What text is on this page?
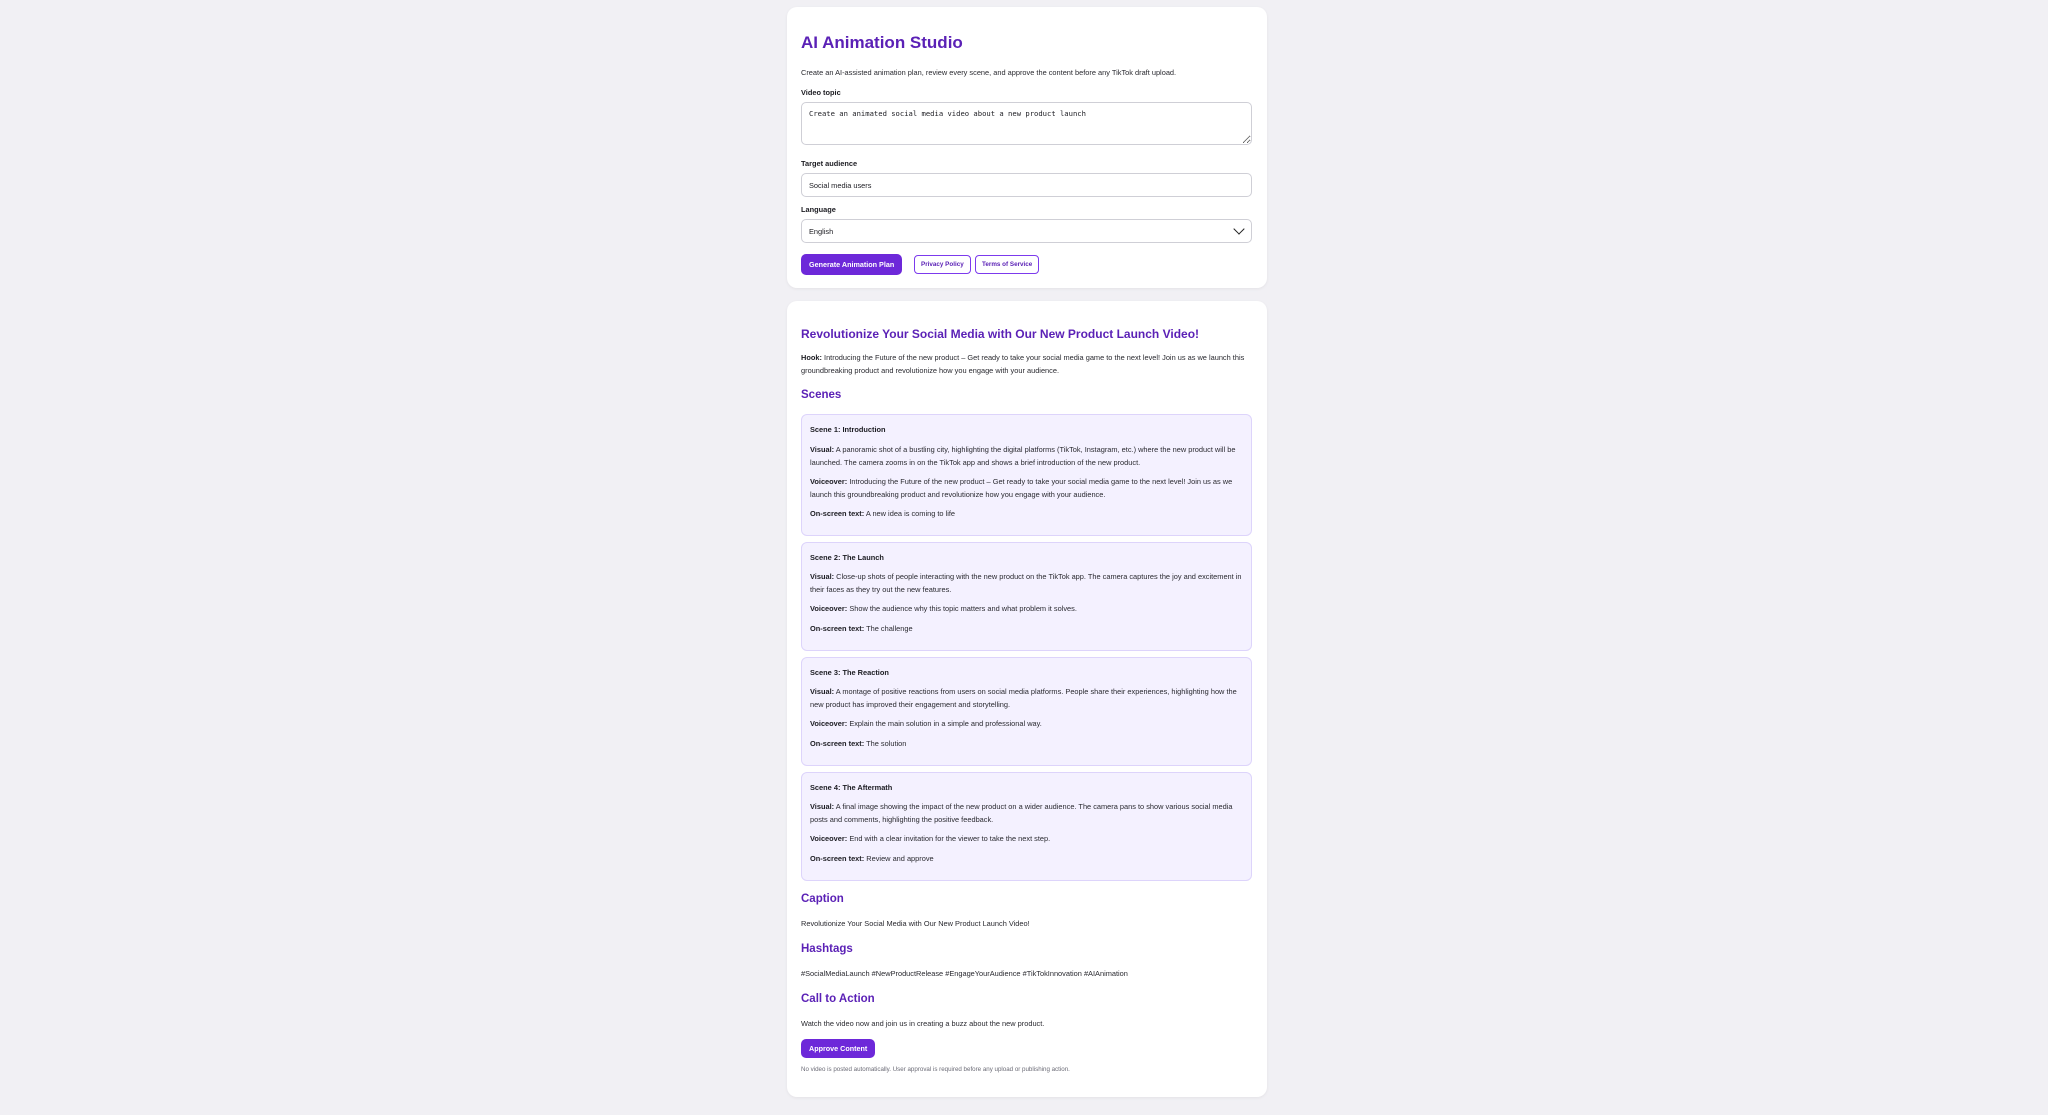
AI Animation Studio
Create an AI-assisted animation plan, review every scene, and approve the content before any TikTok draft upload.
Video topic
Create an animated social media video about a new product launch
Target audience
Social media users
Language
English
Generate Animation Plan	Privacy Policy	Terms of Service
Revolutionize Your Social Media with Our New Product Launch Video!
Hook: Introducing the Future of the new product – Get ready to take your social media game to the next level! Join us as we launch this groundbreaking product and revolutionize how you engage with your audience.
Scenes
Scene 1: Introduction
Visual: A panoramic shot of a bustling city, highlighting the digital platforms (TikTok, Instagram, etc.) where the new product will be launched. The camera zooms in on the TikTok app and shows a brief introduction of the new product.
Voiceover: Introducing the Future of the new product – Get ready to take your social media game to the next level! Join us as we launch this groundbreaking product and revolutionize how you engage with your audience.
On-screen text: A new idea is coming to life
Scene 2: The Launch
Visual: Close-up shots of people interacting with the new product on the TikTok app. The camera captures the joy and excitement in their faces as they try out the new features.
Voiceover: Show the audience why this topic matters and what problem it solves.
On-screen text: The challenge
Scene 3: The Reaction
Visual: A montage of positive reactions from users on social media platforms. People share their experiences, highlighting how the new product has improved their engagement and storytelling.
Voiceover: Explain the main solution in a simple and professional way.
On-screen text: The solution
Scene 4: The Aftermath
Visual: A final image showing the impact of the new product on a wider audience. The camera pans to show various social media posts and comments, highlighting the positive feedback.
Voiceover: End with a clear invitation for the viewer to take the next step.
On-screen text: Review and approve
Caption
Revolutionize Your Social Media with Our New Product Launch Video!
Hashtags
#SocialMediaLaunch #NewProductRelease #EngageYourAudience #TikTokInnovation #AIAnimation
Call to Action
Watch the video now and join us in creating a buzz about the new product.
Approve Content
No video is posted automatically. User approval is required before any upload or publishing action.
